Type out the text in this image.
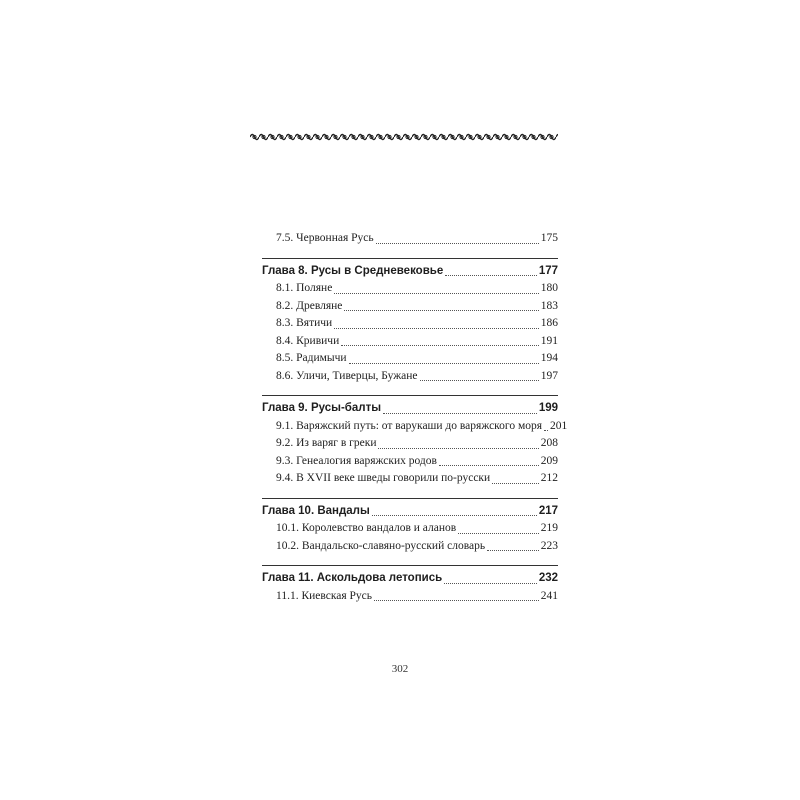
7.5. Червонная Русь	175
Глава 8. Русы в Средневековье	177
8.1. Поляне	180
8.2. Древляне	183
8.3. Вятичи	186
8.4. Кривичи	191
8.5. Радимычи	194
8.6. Уличи, Тиверцы, Бужане	197
Глава 9. Русы-балты	199
9.1. Варяжский путь: от варукаши до варяжского моря 201
9.2. Из варяг в греки	208
9.3. Генеалогия варяжских родов	209
9.4. В XVII веке шведы говорили по-русски	212
Глава 10. Вандалы	217
10.1. Королевство вандалов и аланов	219
10.2. Вандальско-славяно-русский словарь	223
Глава 11. Аскольдова летопись	232
11.1. Киевская Русь	241
302
